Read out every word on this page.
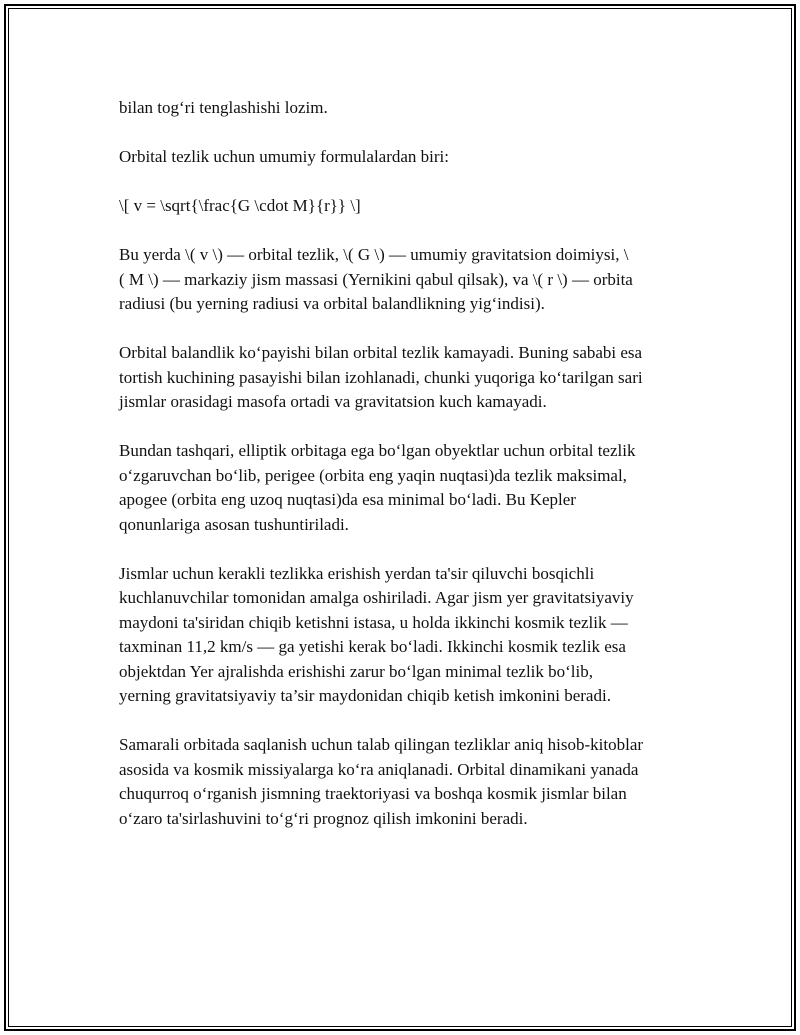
bilan tog‘ri tenglashishi lozim.

Orbital tezlik uchun umumiy formulalardan biri:

\[ v = \sqrt{\frac{G \cdot M}{r}} \]

Bu yerda \( v \) — orbital tezlik, \( G \) — umumiy gravitatsion doimiysi, \
( M \) — markaziy jism massasi (Yernikini qabul qilsak), va \( r \) — orbita
radiusi (bu yerning radiusi va orbital balandlikning yig‘indisi).

Orbital balandlik ko‘payishi bilan orbital tezlik kamayadi. Buning sababi esa
tortish kuchining pasayishi bilan izohlanadi, chunki yuqoriga ko‘tarilgan sari
jismlar orasidagi masofa ortadi va gravitatsion kuch kamayadi.

Bundan tashqari, elliptik orbitaga ega bo‘lgan obyektlar uchun orbital tezlik
o‘zgaruvchan bo‘lib, perigee (orbita eng yaqin nuqtasi)da tezlik maksimal,
apogee (orbita eng uzoq nuqtasi)da esa minimal bo‘ladi. Bu Kepler
qonunlariga asosan tushuntiriladi.

Jismlar uchun kerakli tezlikka erishish yerdan ta'sir qiluvchi bosqichli
kuchlanuvchilar tomonidan amalga oshiriladi. Agar jism yer gravitatsiyaviy
maydoni ta'siridan chiqib ketishni istasa, u holda ikkinchi kosmik tezlik —
taxminan 11,2 km/s — ga yetishi kerak bo‘ladi. Ikkinchi kosmik tezlik esa
objektdan Yer ajralishda erishishi zarur bo‘lgan minimal tezlik bo‘lib,
yerning gravitatsiyaviy ta’sir maydonidan chiqib ketish imkonini beradi.

Samarali orbitada saqlanish uchun talab qilingan tezliklar aniq hisob-kitoblar
asosida va kosmik missiyalarga ko‘ra aniqlanadi. Orbital dinamikani yanada
chuqurroq o‘rganish jismning traektoriyasi va boshqa kosmik jismlar bilan
o‘zaro ta'sirlashuvini to‘g‘ri prognoz qilish imkonini beradi.
